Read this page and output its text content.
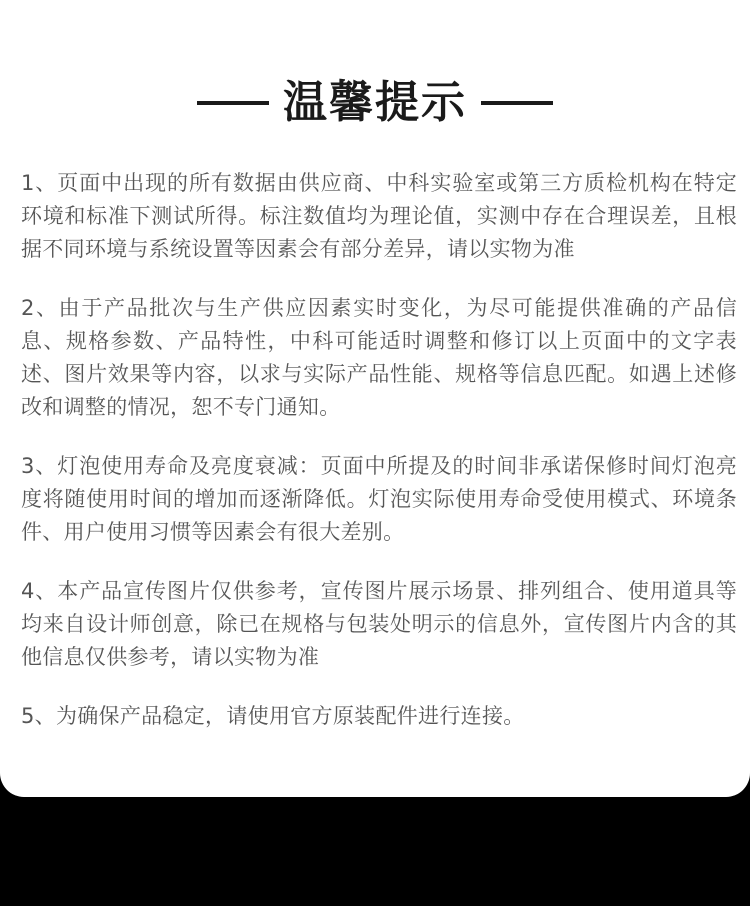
温馨提示

1、页面中出现的所有数据由供应商、中科实验室或第三方质检机构在特定环境和标准下测试所得。标注数值均为理论值，实测中存在合理误差，且根据不同环境与系统设置等因素会有部分差异，请以实物为准

2、由于产品批次与生产供应因素实时变化，为尽可能提供准确的产品信息、规格参数、产品特性，中科可能适时调整和修订以上页面中的文字表述、图片效果等内容，以求与实际产品性能、规格等信息匹配。如遇上述修改和调整的情况，恕不专门通知。

3、灯泡使用寿命及亮度衰减：页面中所提及的时间非承诺保修时间灯泡亮度将随使用时间的增加而逐渐降低。灯泡实际使用寿命受使用模式、环境条件、用户使用习惯等因素会有很大差别。

4、本产品宣传图片仅供参考，宣传图片展示场景、排列组合、使用道具等均来自设计师创意，除已在规格与包装处明示的信息外，宣传图片内含的其他信息仅供参考，请以实物为准

5、为确保产品稳定，请使用官方原装配件进行连接。
